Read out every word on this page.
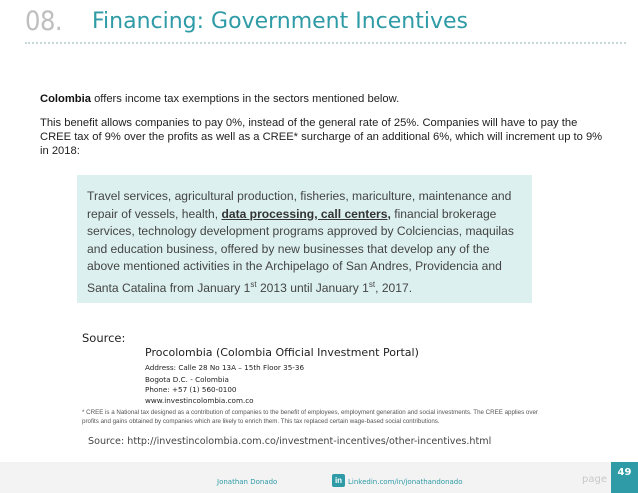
08. Financing: Government Incentives

Colombia offers income tax exemptions in the sectors mentioned below.

This benefit allows companies to pay 0%, instead of the general rate of 25%. Companies will have to pay the CREE tax of 9% over the profits as well as a CREE* surcharge of an additional 6%, which will increment up to 9% in 2018:

Travel services, agricultural production, fisheries, mariculture, maintenance and repair of vessels, health, data processing, call centers, financial brokerage services, technology development programs approved by Colciencias, maquilas and education business, offered by new businesses that develop any of the above mentioned activities in the Archipelago of San Andres, Providencia and Santa Catalina from January 1st 2013 until January 1st, 2017.
Source:
Procolombia (Colombia Official Investment Portal)
Address: Calle 28 No 13A – 15th Floor 35-36
Bogota D.C. - Colombia
Phone: +57 (1) 560-0100
www.investincolombia.com.co
* CREE is a National tax designed as a contribution of companies to the benefit of employees, employment generation and social investments. The CREE applies over profits and gains obtained by companies which are likely to enrich them. This tax replaced certain wage-based social contributions.
Source: http://investincolombia.com.co/investment-incentives/other-incentives.html
Jonathan Donado	in Linkedin.com/in/jonathandonado	page
49
